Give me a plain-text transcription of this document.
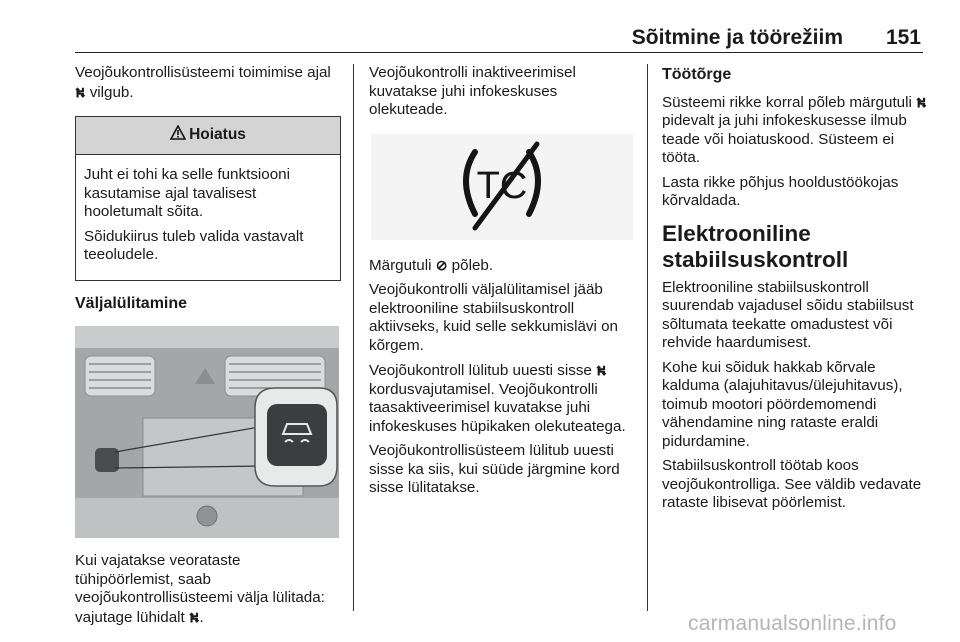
Sõitmine ja töörežiim 151

Veojõukontrollisüsteemi toimimise ajal ⛕ vilgub.

Hoiatus

Juht ei tohi ka selle funktsiooni kasutamise ajal tavalisest hooletumalt sõita.

Sõidukiirus tuleb valida vastavalt teeoludele.

Väljalülitamine

Kui vajatakse veorataste tühipöörlemist, saab veojõukontrollisüsteemi välja lülitada: vajutage lühidalt ⛕.

Veojõukontrolli inaktiveerimisel kuvatakse juhi infokeskuses olekuteade.

TC

Märgutuli ⊘ põleb.

Veojõukontrolli väljalülitamisel jääb elektrooniline stabiilsuskontroll aktiivseks, kuid selle sekkumislävi on kõrgem.

Veojõukontroll lülitub uuesti sisse ⛕ kordusvajutamisel. Veojõukontrolli taasaktiveerimisel kuvatakse juhi infokeskuses hüpikaken olekuteatega.

Veojõukontrollisüsteem lülitub uuesti sisse ka siis, kui süüde järgmine kord sisse lülitatakse.

Töötõrge

Süsteemi rikke korral põleb märgutuli ⛕ pidevalt ja juhi infokeskusesse ilmub teade või hoiatuskood. Süsteem ei tööta.

Lasta rikke põhjus hooldustöökojas kõrvaldada.

Elektrooniline stabiilsuskontroll

Elektrooniline stabiilsuskontroll suurendab vajadusel sõidu stabiilsust sõltumata teekatte omadustest või rehvide haardumisest.

Kohe kui sõiduk hakkab kõrvale kalduma (alajuhitavus/ülejuhitavus), toimub mootori pöördemomendi vähendamine ning rataste eraldi pidurdamine.

Stabiilsuskontroll töötab koos veojõukontrolliga. See väldib vedavate rataste libisevat pöörlemist.

carmanualsonline.info
